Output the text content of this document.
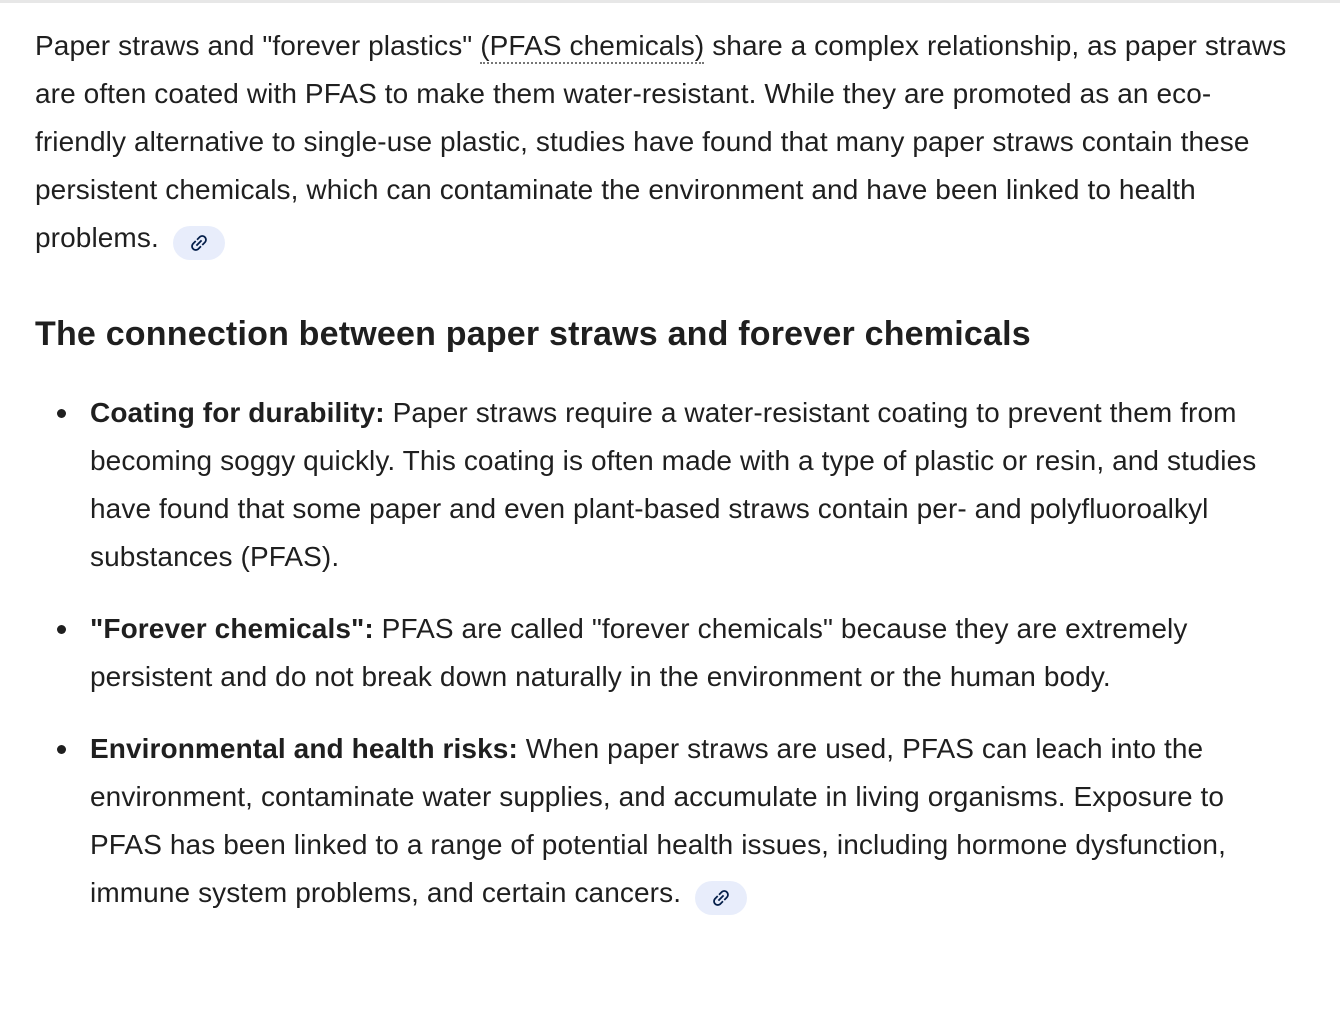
Paper straws and "forever plastics" (PFAS chemicals) share a complex relationship, as paper straws are often coated with PFAS to make them water-resistant. While they are promoted as an eco-friendly alternative to single-use plastic, studies have found that many paper straws contain these persistent chemicals, which can contaminate the environment and have been linked to health problems.

The connection between paper straws and forever chemicals
Coating for durability: Paper straws require a water-resistant coating to prevent them from becoming soggy quickly. This coating is often made with a type of plastic or resin, and studies have found that some paper and even plant-based straws contain per- and polyfluoroalkyl substances (PFAS).
"Forever chemicals": PFAS are called "forever chemicals" because they are extremely persistent and do not break down naturally in the environment or the human body.
Environmental and health risks: When paper straws are used, PFAS can leach into the environment, contaminate water supplies, and accumulate in living organisms. Exposure to PFAS has been linked to a range of potential health issues, including hormone dysfunction, immune system problems, and certain cancers.
